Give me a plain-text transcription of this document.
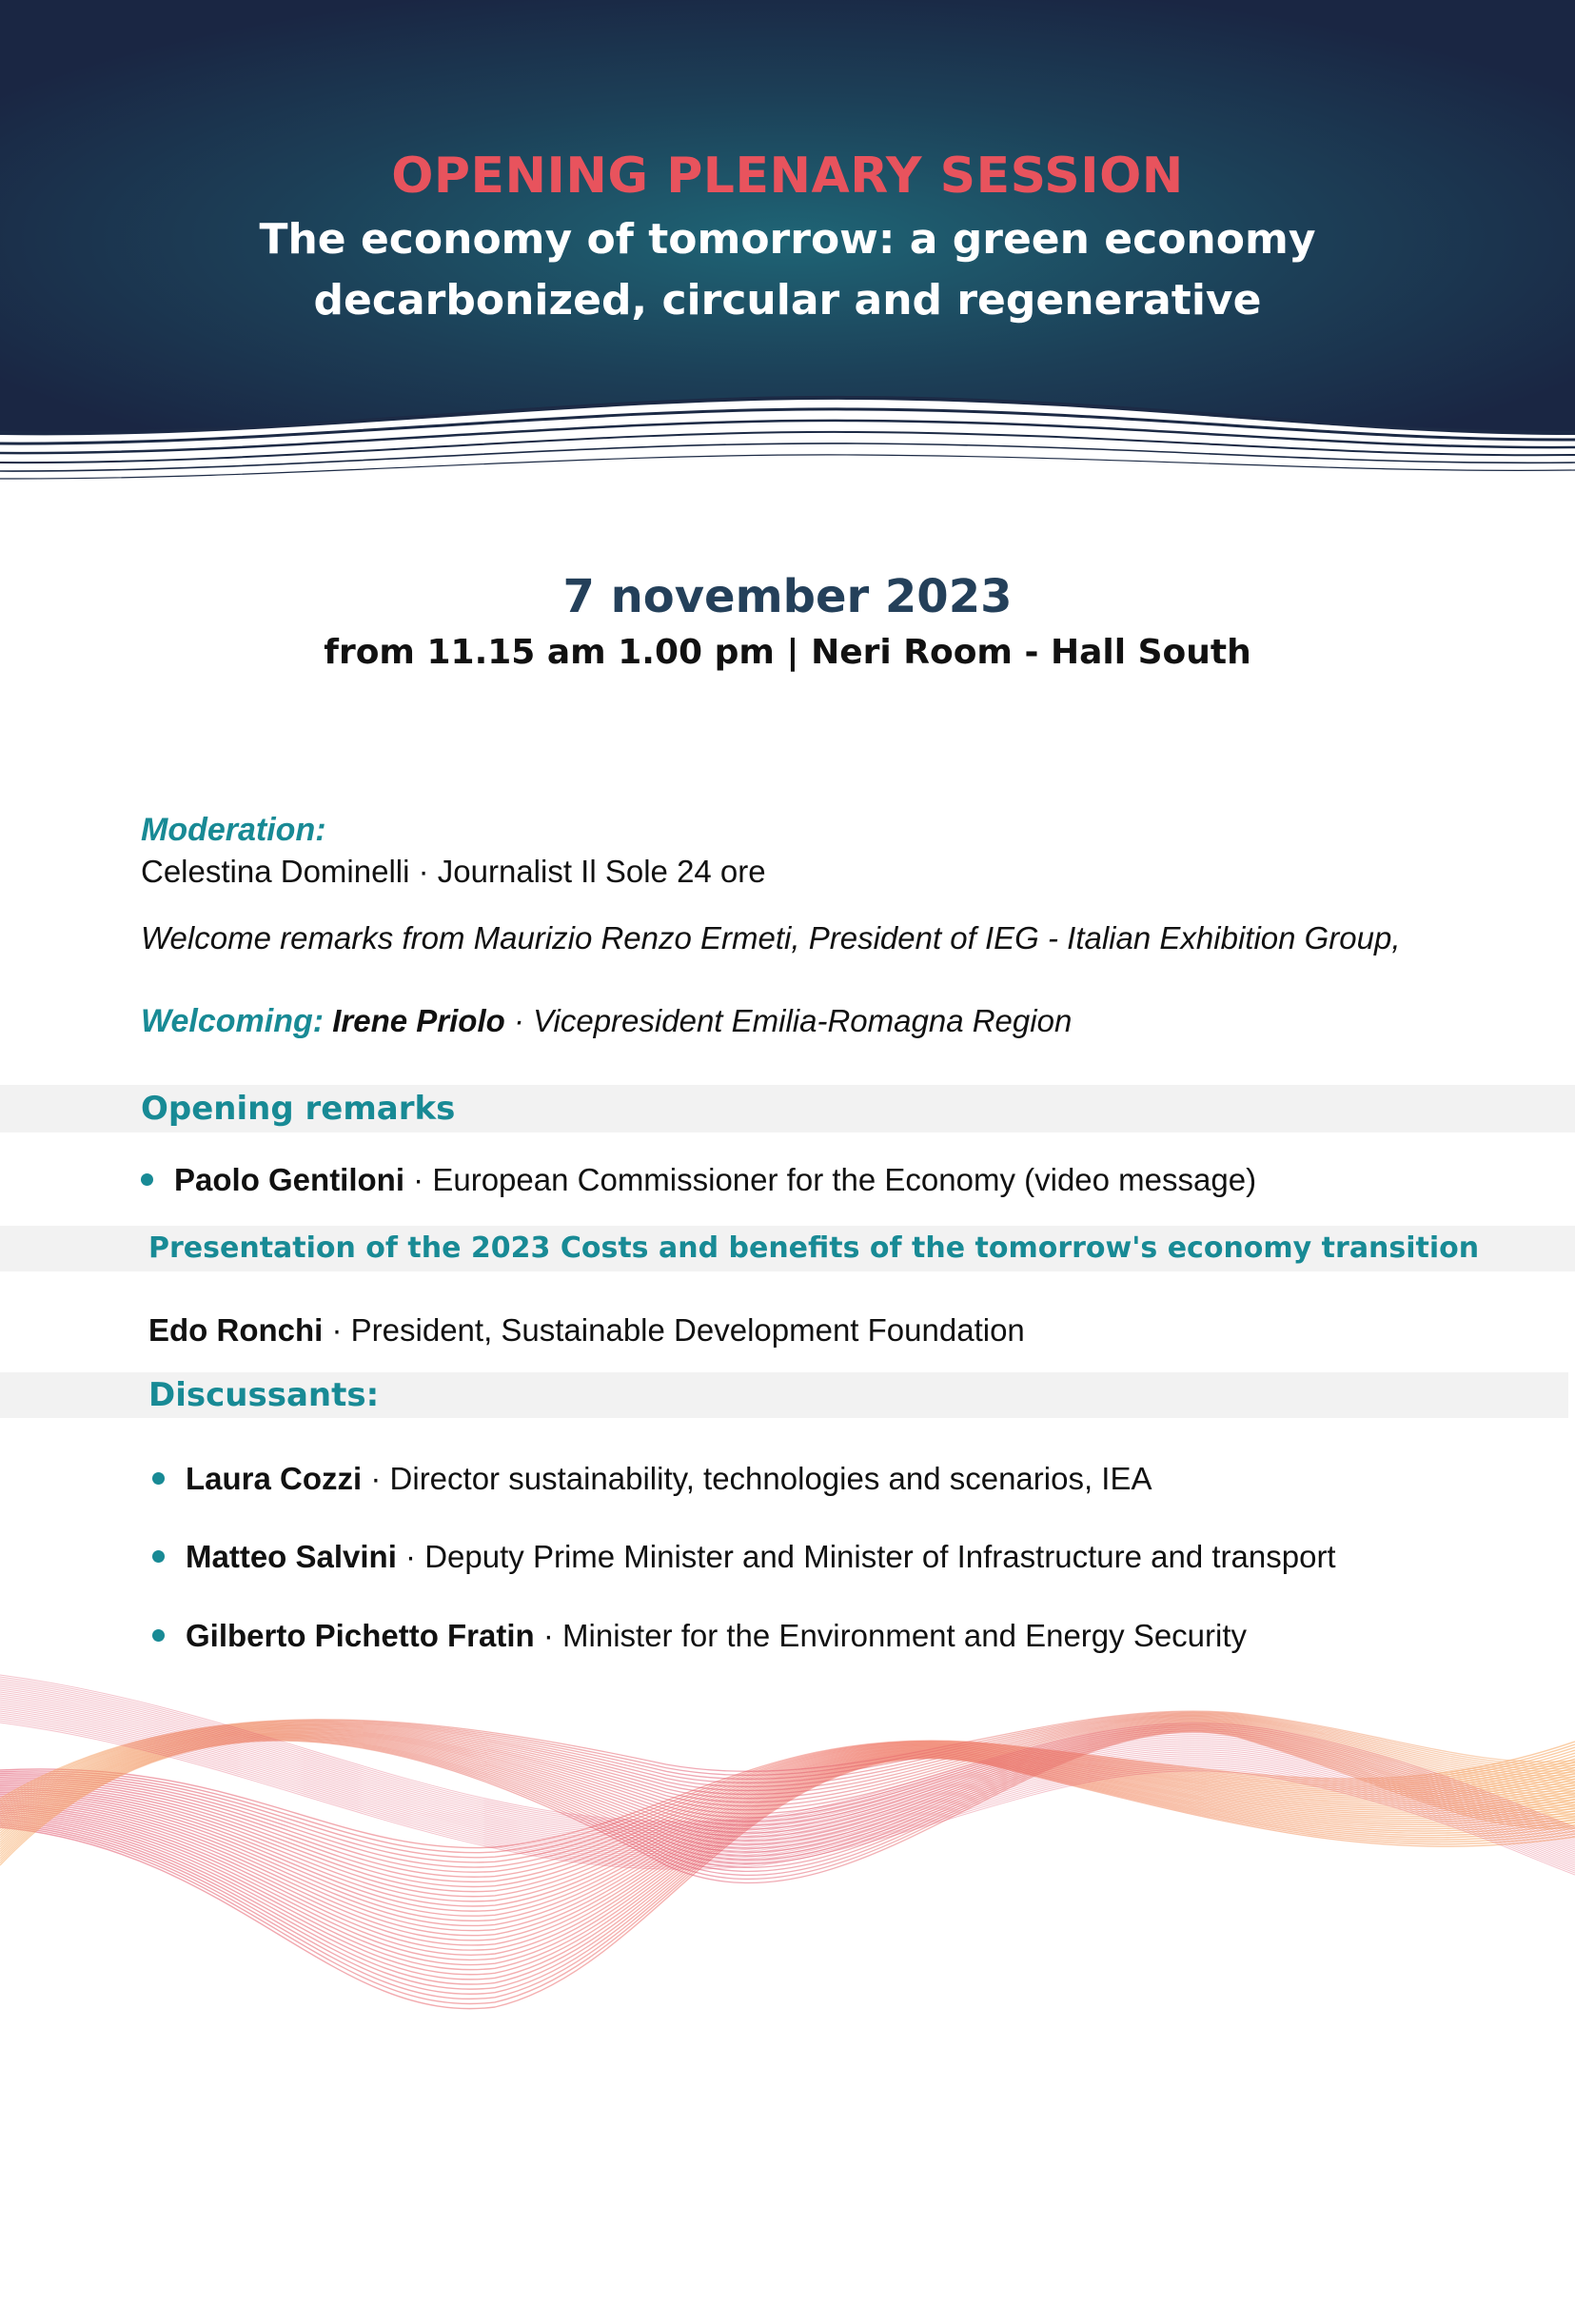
OPENING PLENARY SESSION
The economy of tomorrow: a green economy decarbonized, circular and regenerative
7 november 2023
from 11.15 am 1.00 pm | Neri Room - Hall South
Moderation:
Celestina Dominelli · Journalist Il Sole 24 ore
Welcome remarks from Maurizio Renzo Ermeti, President of IEG - Italian Exhibition Group,
Welcoming: Irene Priolo · Vicepresident Emilia-Romagna Region
Opening remarks
Paolo Gentiloni · European Commissioner for the Economy (video message)
Presentation of the 2023 Costs and benefits of the tomorrow's economy transition
Edo Ronchi · President, Sustainable Development Foundation
Discussants:
Laura Cozzi · Director sustainability, technologies and scenarios, IEA
Matteo Salvini · Deputy Prime Minister and Minister of Infrastructure and transport
Gilberto Pichetto Fratin · Minister for the Environment and Energy Security
